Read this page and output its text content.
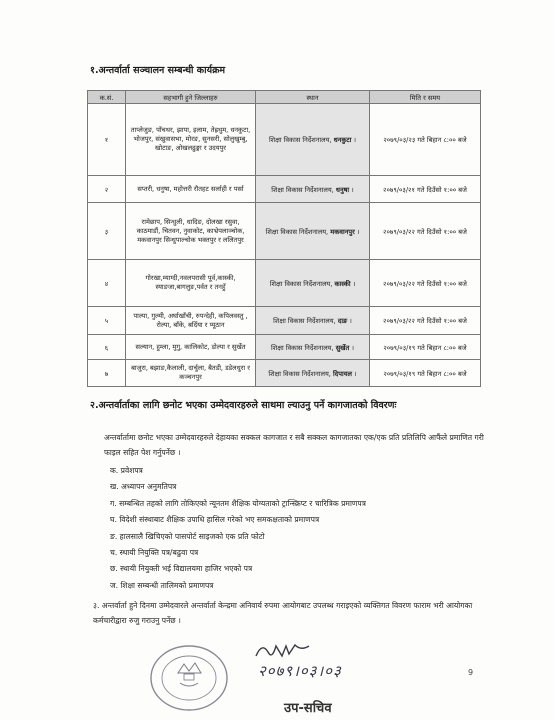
१.अन्तर्वार्ता सञ्चालन सम्बन्धी कार्यक्रम
क.सं.	सहभागी हुने जिल्लाहरु	स्थान	मिति र समय
१	ताप्लेजुङ, पाँचथर, झापा, इलाम, तेह्रथुम, धनकुटा, भोजपुर, संखुवासभा, मोरङ, सुनसरी, सोलुखुम्बु, खोटाङ, ओखलढुङ्गा र उदयपुर	शिक्षा विकास निर्देशनालय, धनकुटा ।	२०७९/०३/२३ गते बिहान ८:०० बजे
२	सप्तरी, धनुषा, महोत्तरी रौतहट सर्लाही र पर्सा	शिक्षा विकास निर्देशनालय, धनुषा ।	२०७९/०३/२१ गते दिउँसो १:०० बजे
३	रामेछाप, सिन्धुली, धादिङ, दोलखा रसुवा, काठमाडौं, चितवन, नुवाकोट, काभ्रेपलाञ्चोक, मकवानपुर सिन्धुपाल्चोक भक्तपुर र ललितपुर	शिक्षा विकास निर्देशनालय, मकवानपुर ।	२०७९/०३/२२ गते दिउँसो १:०० बजे
४	गोरखा,म्याग्दी,नवलपरासी पूर्व,कास्की, स्याङजा,बागलुङ,पर्वत र तनहुँ	शिक्षा विकास निर्देशनालय, कास्की ।	२०७९/०३/२२ गते दिउँसो १:०० बजे
५	पाल्पा, गुल्मी, अर्घाखाँची, रुपन्देही, कपिलवस्तु , रोल्पा, बाँके, बर्दिया र प्यूठान	शिक्षा विकास निर्देशनालय, दाङ ।	२०७९/०३/२२ गते दिउँसो १:०० बजे
६	सल्यान, हुम्ला, मुगु, कालिकोट, डोल्पा र सुर्खेत	शिक्षा विकास निर्देशनालय, सुर्खेत ।	२०७९/०३/१९ गते बिहान ८:०० बजे
७	बाजुरा, बझाङ,कैलाली, दार्चुला, बैतडी, डडेलधुरा र कञ्चनपुर	शिक्षा विकास निर्देशनालय, दिपायल ।	२०७९/०३/१९ गते बिहान ८:०० बजे
२.अन्तर्वार्ताका लागि छनोट भएका उम्मेदवारहरुले साथमा ल्याउनु पर्ने कागजातको विवरणः
अन्तर्वार्तामा छनोट भएका उम्मेदवारहरुले देहायका सक्कल कागजात र सबै सक्कल कागजातका एक/एक प्रति प्रतिलिपि आफैंले प्रमाणित गरी फाइल सहित पेश गर्नुपर्नेछ ।
क. प्रवेशपत्र
ख. अध्यापन अनुमतिपत्र
ग. सम्बन्धित तहको लागि तोकिएको न्यूनतम शैक्षिक योग्यताको ट्रान्स्क्रिप्ट र चारित्रिक प्रमाणपत्र
घ. विदेशी संस्थाबाट शैक्षिक उपाधि हासिल गरेको भए समकक्षताको प्रमाणपत्र
ङ. हालसालै खिचिएको पासपोर्ट साइजको एक प्रति फोटो
च. स्थायी नियुक्ति पत्र/बढुवा पत्र
छ. स्थायी नियुक्ती भई विद्यालयमा हाजिर भएको पत्र
ज. शिक्षा सम्बन्धी तालिमको प्रमाणपत्र
३. अन्तर्वार्ता हुने दिनमा उम्मेदवारले अन्तर्वार्ता केन्द्रमा अनिवार्य रुपमा आयोगबाट उपलब्ध गराइएको व्यक्तिगत विवरण फाराम भरी आयोगका कर्मचारीद्वारा रुजु गराउनु पर्नेछ ।
२०७९।०३।०३
उप-सचिव
9
